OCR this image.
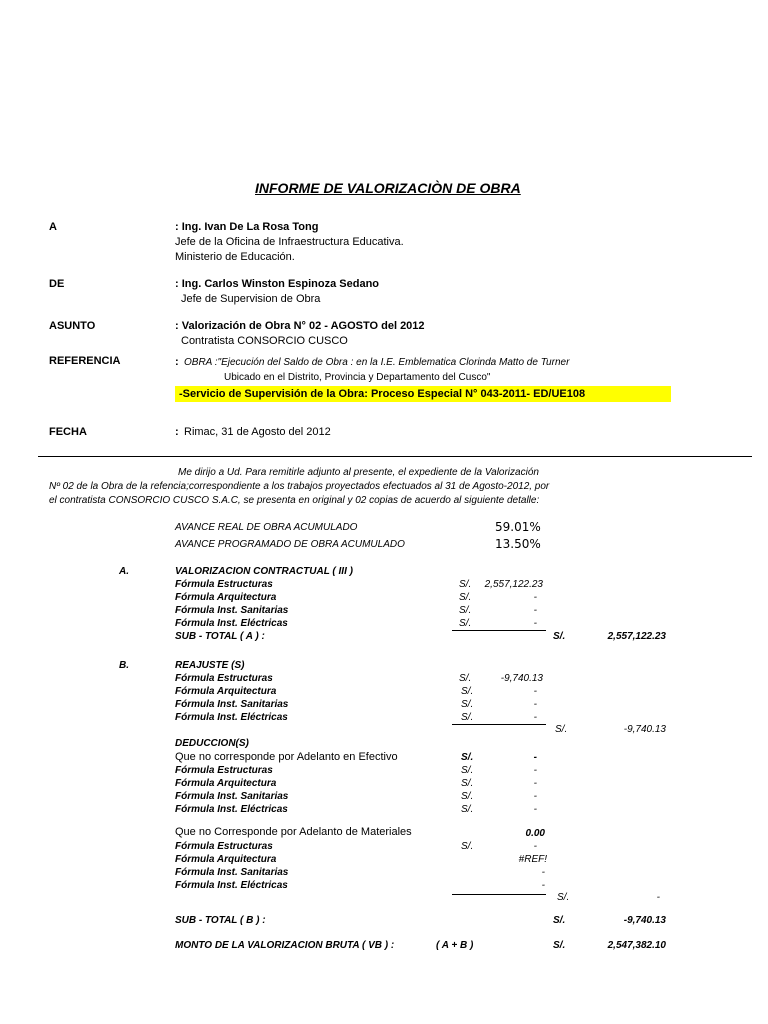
INFORME DE VALORIZACIÒN DE OBRA
A	: Ing. Ivan De La Rosa Tong
Jefe de la Oficina de Infraestructura Educativa.
Ministerio de Educación.
DE	: Ing. Carlos Winston Espinoza Sedano
Jefe de Supervision de Obra
ASUNTO	: Valorización de Obra N° 02 - AGOSTO del 2012
Contratista CONSORCIO CUSCO
REFERENCIA	: OBRA :"Ejecución del Saldo de Obra : en la I.E. Emblematica Clorinda Matto de Turner
Ubicado en el Distrito, Provincia y Departamento del Cusco"
-Servicio de Supervisión de la Obra: Proceso Especial N° 043-2011- ED/UE108
FECHA	: Rimac, 31 de Agosto del 2012
Me dirijo a Ud. Para remitirle adjunto al presente, el expediente de la Valorización
Nº 02 de la Obra de la refencia;correspondiente a los trabajos proyectados efectuados al 31 de Agosto-2012, por
el contratista CONSORCIO CUSCO S.A.C, se presenta en original y 02 copias de acuerdo al siguiente detalle:
AVANCE REAL DE OBRA ACUMULADO	59.01%
AVANCE PROGRAMADO DE OBRA ACUMULADO	13.50%
A.	VALORIZACION CONTRACTUAL ( III )
Fórmula Estructuras	S/.	2,557,122.23
Fórmula Arquitectura	S/.	-
Fórmula Inst. Sanitarias	S/.	-
Fórmula Inst. Eléctricas	S/.	-
SUB - TOTAL ( A ) :	S/.	2,557,122.23
B.	REAJUSTE (S)
Fórmula Estructuras	S/.	-9,740.13
Fórmula Arquitectura	S/.	-
Fórmula Inst. Sanitarias	S/.	-
Fórmula Inst. Eléctricas	S/.	-
S/.	-9,740.13
DEDUCCION(S)
Que no corresponde por Adelanto en Efectivo	S/.	-
Fórmula Estructuras	S/.	-
Fórmula Arquitectura	S/.	-
Fórmula Inst. Sanitarias	S/.	-
Fórmula Inst. Eléctricas	S/.	-
Que no Corresponde por Adelanto de Materiales	0.00
Fórmula Estructuras	S/.	-
Fórmula Arquitectura	#REF!
Fórmula Inst. Sanitarias	-
Fórmula Inst. Eléctricas	-
S/.	-
SUB - TOTAL ( B ) :	S/.	-9,740.13
MONTO DE LA VALORIZACION BRUTA ( VB ) :	( A + B )	S/.	2,547,382.10
